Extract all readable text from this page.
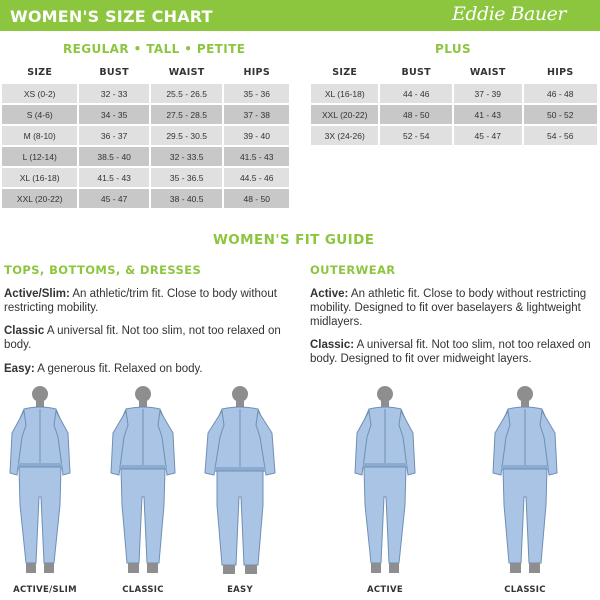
WOMEN'S SIZE CHART	Eddie Bauer
REGULAR • TALL • PETITE
SIZE	BUST	WAIST	HIPS
XS (0-2)	32 - 33	25.5 - 26.5	35 - 36
S (4-6)	34 - 35	27.5 - 28.5	37 - 38
M (8-10)	36 - 37	29.5 - 30.5	39 - 40
L (12-14)	38.5 - 40	32 - 33.5	41.5 - 43
XL (16-18)	41.5 - 43	35 - 36.5	44.5 - 46
XXL (20-22)	45 - 47	38 - 40.5	48 - 50
PLUS
SIZE	BUST	WAIST	HIPS
XL (16-18)	44 - 46	37 - 39	46 - 48
XXL (20-22)	48 - 50	41 - 43	50 - 52
3X (24-26)	52 - 54	45 - 47	54 - 56
WOMEN'S FIT GUIDE
TOPS, BOTTOMS, & DRESSES	OUTERWEAR
Active/Slim: An athletic/trim fit. Close to body without restricting mobility.
Classic A universal fit. Not too slim, not too relaxed on body.
Easy: A generous fit. Relaxed on body.
Active: An athletic fit. Close to body without restricting mobility. Designed to fit over baselayers & lightweight midlayers.
Classic: A universal fit. Not too slim, not too relaxed on body. Designed to fit over midweight layers.
ACTIVE/SLIM	CLASSIC	EASY	ACTIVE	CLASSIC
